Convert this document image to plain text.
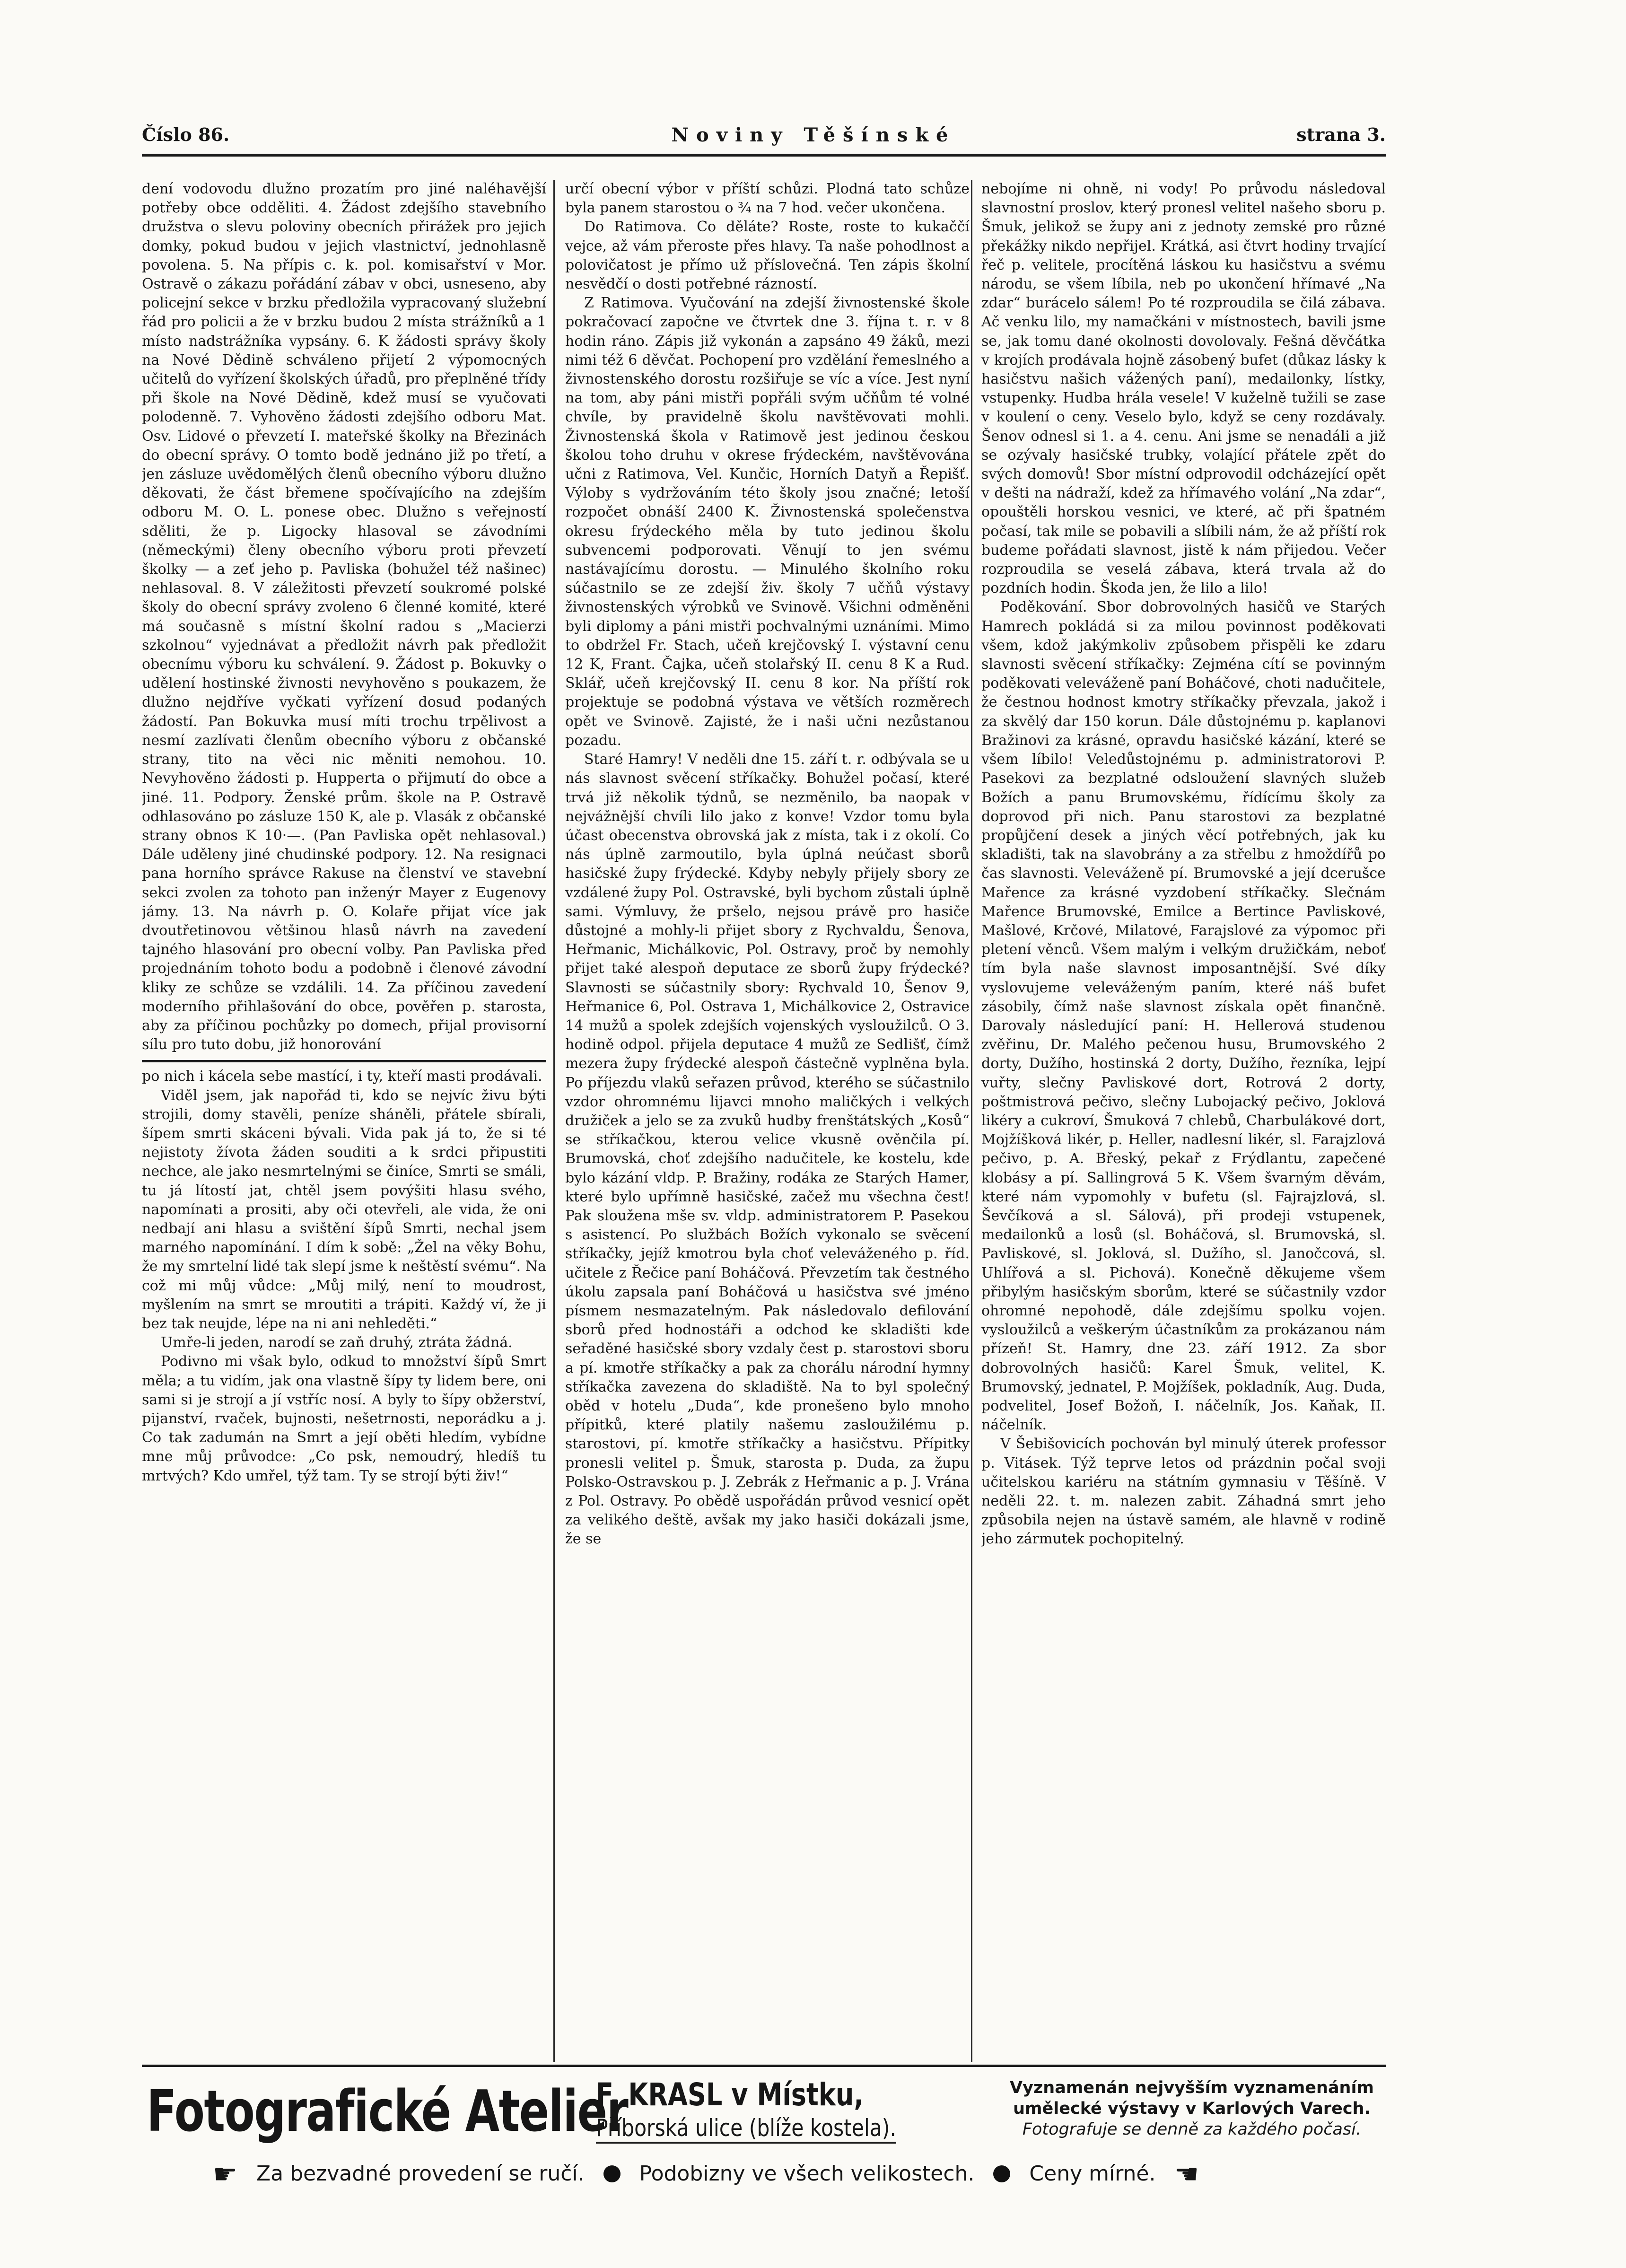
Číslo 86.	Noviny Těšínské	strana 3.

dení vodovodu dlužno prozatím pro jiné naléhavější potřeby obce odděliti. 4. Žádost zdejšího stavebního družstva o slevu poloviny obecních přirážek pro jejich domky, pokud budou v jejich vlastnictví, jednohlasně povolena. 5. Na přípis c. k. pol. komisařství v Mor. Ostravě o zákazu pořádání zábav v obci, usneseno, aby policejní sekce v brzku předložila vypracovaný služební řád pro policii a že v brzku budou 2 místa strážníků a 1 místo nadstrážníka vypsány. 6. K žádosti správy školy na Nové Dědině schváleno přijetí 2 výpomocných učitelů do vyřízení školských úřadů, pro přeplněné třídy při škole na Nové Dědině, kdež musí se vyučovati polodenně. 7. Vyhověno žádosti zdejšího odboru Mat. Osv. Lidové o převzetí I. mateřské školky na Březinách do obecní správy. O tomto bodě jednáno již po třetí, a jen zásluze uvědomělých členů obecního výboru dlužno děkovati, že část břemene spočívajícího na zdejším odboru M. O. L. ponese obec. Dlužno s veřejností sděliti, že p. Ligocky hlasoval se závodními (německými) členy obecního výboru proti převzetí školky — a zeť jeho p. Pavliska (bohužel též našinec) nehlasoval. 8. V záležitosti převzetí soukromé polské školy do obecní správy zvoleno 6 členné komité, které má současně s místní školní radou s „Macierzi szkolnou“ vyjednávat a předložit návrh pak předložit obecnímu výboru ku schválení. 9. Žádost p. Bokuvky o udělení hostinské živnosti nevyhověno s poukazem, že dlužno nejdříve vyčkati vyřízení dosud podaných žádostí. Pan Bokuvka musí míti trochu trpělivost a nesmí zazlívati členům obecního výboru z občanské strany, tito na věci nic měniti nemohou. 10. Nevyhověno žádosti p. Hupperta o přijmutí do obce a jiné. 11. Podpory. Ženské prům. škole na P. Ostravě odhlasováno po zásluze 150 K, ale p. Vlasák z občanské strany obnos K 10·—. (Pan Pavliska opět nehlasoval.) Dále uděleny jiné chudinské podpory. 12. Na resignaci pana horního správce Rakuse na členství ve stavební sekci zvolen za tohoto pan inženýr Mayer z Eugenovy jámy. 13. Na návrh p. O. Kolaře přijat více jak dvoutřetinovou většinou hlasů návrh na zavedení tajného hlasování pro obecní volby. Pan Pavliska před projednáním tohoto bodu a podobně i členové závodní kliky ze schůze se vzdálili. 14. Za příčinou zavedení moderního přihlašování do obce, pověřen p. starosta, aby za příčinou pochůzky po domech, přijal provisorní sílu pro tuto dobu, již honorování

po nich i kácela sebe mastící, i ty, kteří masti prodávali.

Viděl jsem, jak napořád ti, kdo se nejvíc živu býti strojili, domy stavěli, peníze sháněli, přátele sbírali, šípem smrti skáceni bývali. Vida pak já to, že si té nejistoty žívota žáden souditi a k srdci připustiti nechce, ale jako nesmrtelnými se činíce, Smrti se smáli, tu já lítostí jat, chtěl jsem povýšiti hlasu svého, napomínati a prositi, aby oči otevřeli, ale vida, že oni nedbají ani hlasu a svištění šípů Smrti, nechal jsem marného napomínání. I dím k sobě: „Žel na věky Bohu, že my smrtelní lidé tak slepí jsme k neštěstí svému“. Na což mi můj vůdce: „Můj milý, není to moudrost, myšlením na smrt se mroutiti a trápiti. Každý ví, že ji bez tak neujde, lépe na ni ani nehleděti.“

Umře-li jeden, narodí se zaň druhý, ztráta žádná.

Podivno mi však bylo, odkud to množství šípů Smrt měla; a tu vidím, jak ona vlastně šípy ty lidem bere, oni sami si je strojí a jí vstříc nosí. A byly to šípy obžerství, pijanství, rvaček, bujnosti, nešetrnosti, neporádku a j. Co tak zadumán na Smrt a její oběti hledím, vybídne mne můj průvodce: „Co psk, nemoudrý, hledíš tu mrtvých? Kdo umřel, týž tam. Ty se strojí býti živ!“

určí obecní výbor v příští schůzi. Plodná tato schůze byla panem starostou o ¾ na 7 hod. večer ukončena.

Do Ratimova. Co děláte? Roste, roste to kukaččí vejce, až vám přeroste přes hlavy. Ta naše pohodlnost a polovičatost je přímo už příslovečná. Ten zápis školní nesvědčí o dosti potřebné rázností.

Z Ratimova. Vyučování na zdejší živnostenské škole pokračovací započne ve čtvrtek dne 3. října t. r. v 8 hodin ráno. Zápis již vykonán a zapsáno 49 žáků, mezi nimi též 6 děvčat. Pochopení pro vzdělání řemeslného a živnostenského dorostu rozšiřuje se víc a více. Jest nyní na tom, aby páni mistři popřáli svým učňům té volné chvíle, by pravidelně školu navštěvovati mohli. Živnostenská škola v Ratimově jest jedinou českou školou toho druhu v okrese frýdeckém, navštěvována učni z Ratimova, Vel. Kunčic, Horních Datyň a Řepišť. Výloby s vydržováním této školy jsou značné; letoší rozpočet obnáší 2400 K. Živnostenská společenstva okresu frýdeckého měla by tuto jedinou školu subvencemi podporovati. Věnují to jen svému nastávajícímu dorostu. — Minulého školního roku súčastnilo se ze zdejší živ. školy 7 učňů výstavy živnostenských výrobků ve Svinově. Všichni odměněni byli diplomy a páni mistři pochvalnými uznáními. Mimo to obdržel Fr. Stach, učeň krejčovský I. výstavní cenu 12 K, Frant. Čajka, učeň stolařský II. cenu 8 K a Rud. Sklář, učeň krejčovský II. cenu 8 kor. Na příští rok projektuje se podobná výstava ve větších rozměrech opět ve Svinově. Zajisté, že i naši učni nezůstanou pozadu.

Staré Hamry! V neděli dne 15. září t. r. odbývala se u nás slavnost svěcení stříkačky. Bohužel počasí, které trvá již několik týdnů, se nezměnilo, ba naopak v nejvážnější chvíli lilo jako z konve! Vzdor tomu byla účast obecenstva obrovská jak z místa, tak i z okolí. Co nás úplně zarmoutilo, byla úplná neúčast sborů hasičské župy frýdecké. Kdyby nebyly přijely sbory ze vzdálené župy Pol. Ostravské, byli bychom zůstali úplně sami. Výmluvy, že pršelo, nejsou právě pro hasiče důstojné a mohly-li přijet sbory z Rychvaldu, Šenova, Heřmanic, Michálkovic, Pol. Ostravy, proč by nemohly přijet také alespoň deputace ze sborů župy frýdecké? Slavnosti se súčastnily sbory: Rychvald 10, Šenov 9, Heřmanice 6, Pol. Ostrava 1, Michálkovice 2, Ostravice 14 mužů a spolek zdejších vojenských vysloužilců. O 3. hodině odpol. přijela deputace 4 mužů ze Sedlišť, čímž mezera župy frýdecké alespoň částečně vyplněna byla. Po příjezdu vlaků seřazen průvod, kterého se súčastnilo vzdor ohromnému lijavci mnoho maličkých i velkých družiček a jelo se za zvuků hudby frenštátských „Kosů“ se stříkačkou, kterou velice vkusně ověnčila pí. Brumovská, choť zdejšího nadučitele, ke kostelu, kde bylo kázání vldp. P. Bražiny, rodáka ze Starých Hamer, které bylo upřímně hasičské, začež mu všechna čest! Pak sloužena mše sv. vldp. administratorem P. Pasekou s asistencí. Po službách Božích vykonalo se svěcení stříkačky, jejíž kmotrou byla choť veleváženého p. říd. učitele z Řečice paní Boháčová. Převzetím tak čestného úkolu zapsala paní Boháčová u hasičstva své jméno písmem nesmazatelným. Pak následovalo defilování sborů před hodnostáři a odchod ke skladišti kde seřaděné hasičské sbory vzdaly čest p. starostovi sboru a pí. kmotře stříkačky a pak za chorálu národní hymny stříkačka zavezena do skladiště. Na to byl společný oběd v hotelu „Duda“, kde pronešeno bylo mnoho přípitků, které platily našemu zasloužilému p. starostovi, pí. kmotře stříkačky a hasičstvu. Přípitky pronesli velitel p. Šmuk, starosta p. Duda, za župu Polsko-Ostravskou p. J. Zebrák z Heřmanic a p. J. Vrána z Pol. Ostravy. Po obědě uspořádán průvod vesnicí opět za velikého deště, avšak my jako hasiči dokázali jsme, že se

nebojíme ni ohně, ni vody! Po průvodu následoval slavnostní proslov, který pronesl velitel našeho sboru p. Šmuk, jelikož se župy ani z jednoty zemské pro různé překážky nikdo nepřijel. Krátká, asi čtvrt hodiny trvající řeč p. velitele, procítěná láskou ku hasičstvu a svému národu, se všem líbila, neb po ukončení hřímavé „Na zdar“ burácelo sálem! Po té rozproudila se čilá zábava. Ač venku lilo, my namačkáni v místnostech, bavili jsme se, jak tomu dané okolnosti dovolovaly. Fešná děvčátka v krojích prodávala hojně zásobený bufet (důkaz lásky k hasičstvu našich vážených paní), medailonky, lístky, vstupenky. Hudba hrála vesele! V kuželně tužili se zase v koulení o ceny. Veselo bylo, když se ceny rozdávaly. Šenov odnesl si 1. a 4. cenu. Ani jsme se nenadáli a již se ozývaly hasičské trubky, volající přátele zpět do svých domovů! Sbor místní odprovodil odcházející opět v dešti na nádraží, kdež za hřímavého volání „Na zdar“, opouštěli horskou vesnici, ve které, ač při špatném počasí, tak mile se pobavili a slíbili nám, že až příští rok budeme pořádati slavnost, jistě k nám přijedou. Večer rozproudila se veselá zábava, která trvala až do pozdních hodin. Škoda jen, že lilo a lilo!

Poděkování. Sbor dobrovolných hasičů ve Starých Hamrech pokládá si za milou povinnost poděkovati všem, kdož jakýmkoliv způsobem přispěli ke zdaru slavnosti svěcení stříkačky: Zejména cítí se povinným poděkovati veleváženě paní Boháčové, choti nadučitele, že čestnou hodnost kmotry stříkačky převzala, jakož i za skvělý dar 150 korun. Dále důstojnému p. kaplanovi Bražinovi za krásné, opravdu hasičské kázání, které se všem líbilo! Veledůstojnému p. administratorovi P. Pasekovi za bezplatné odsloužení slavných služeb Božích a panu Brumovskému, řídícímu školy za doprovod při nich. Panu starostovi za bezplatné propůjčení desek a jiných věcí potřebných, jak ku skladišti, tak na slavobrány a za střelbu z hmoždířů po čas slavnosti. Veleváženě pí. Brumovské a její dcerušce Mařence za krásné vyzdobení stříkačky. Slečnám Mařence Brumovské, Emilce a Bertince Pavliskové, Mašlové, Krčové, Milatové, Farajslové za výpomoc při pletení věnců. Všem malým i velkým družičkám, neboť tím byla naše slavnost imposantnější. Své díky vyslovujeme veleváženým paním, které náš bufet zásobily, čímž naše slavnost získala opět finančně. Darovaly následující paní: H. Hellerová studenou zvěřinu, Dr. Malého pečenou husu, Brumovského 2 dorty, Dužího, hostinská 2 dorty, Dužího, řezníka, lejpí vuřty, slečny Pavliskové dort, Rotrová 2 dorty, poštmistrová pečivo, slečny Lubojacký pečivo, Joklová likéry a cukroví, Šmuková 7 chlebů, Charbulákové dort, Mojžíšková likér, p. Heller, nadlesní likér, sl. Farajzlová pečivo, p. A. Břeský, pekař z Frýdlantu, zapečené klobásy a pí. Sallingrová 5 K. Všem švarným děvám, které nám vypomohly v bufetu (sl. Fajrajzlová, sl. Ševčíková a sl. Sálová), při prodeji vstupenek, medailonků a losů (sl. Boháčová, sl. Brumovská, sl. Pavliskové, sl. Joklová, sl. Dužího, sl. Janočcová, sl. Uhlířová a sl. Pichová). Konečně děkujeme všem přibylým hasičským sborům, které se súčastnily vzdor ohromné nepohodě, dále zdejšímu spolku vojen. vysloužilců a veškerým účastníkům za prokázanou nám přízeň! St. Hamry, dne 23. září 1912. Za sbor dobrovolných hasičů: Karel Šmuk, velitel, K. Brumovský, jednatel, P. Mojžíšek, pokladník, Aug. Duda, podvelitel, Josef Božoň, I. náčelník, Jos. Kaňak, II. náčelník.

V Šebišovicích pochován byl minulý úterek professor p. Vitásek. Týž teprve letos od prázdnin počal svoji učitelskou kariéru na státním gymnasiu v Těšíně. V neděli 22. t. m. nalezen zabit. Záhadná smrt jeho způsobila nejen na ústavě samém, ale hlavně v rodině jeho zármutek pochopitelný.

Fotografické Atelier
F. KRASL v Místku,
Příborská ulice (blíže kostela).
Vyznamenán nejvyšším vyznamenáním
umělecké výstavy v Karlových Varech.
Fotografuje se denně za každého počasí.
☛ Za bezvadné provedení se ručí.	Podobizny ve všech velikostech.	Ceny mírné. ☛
